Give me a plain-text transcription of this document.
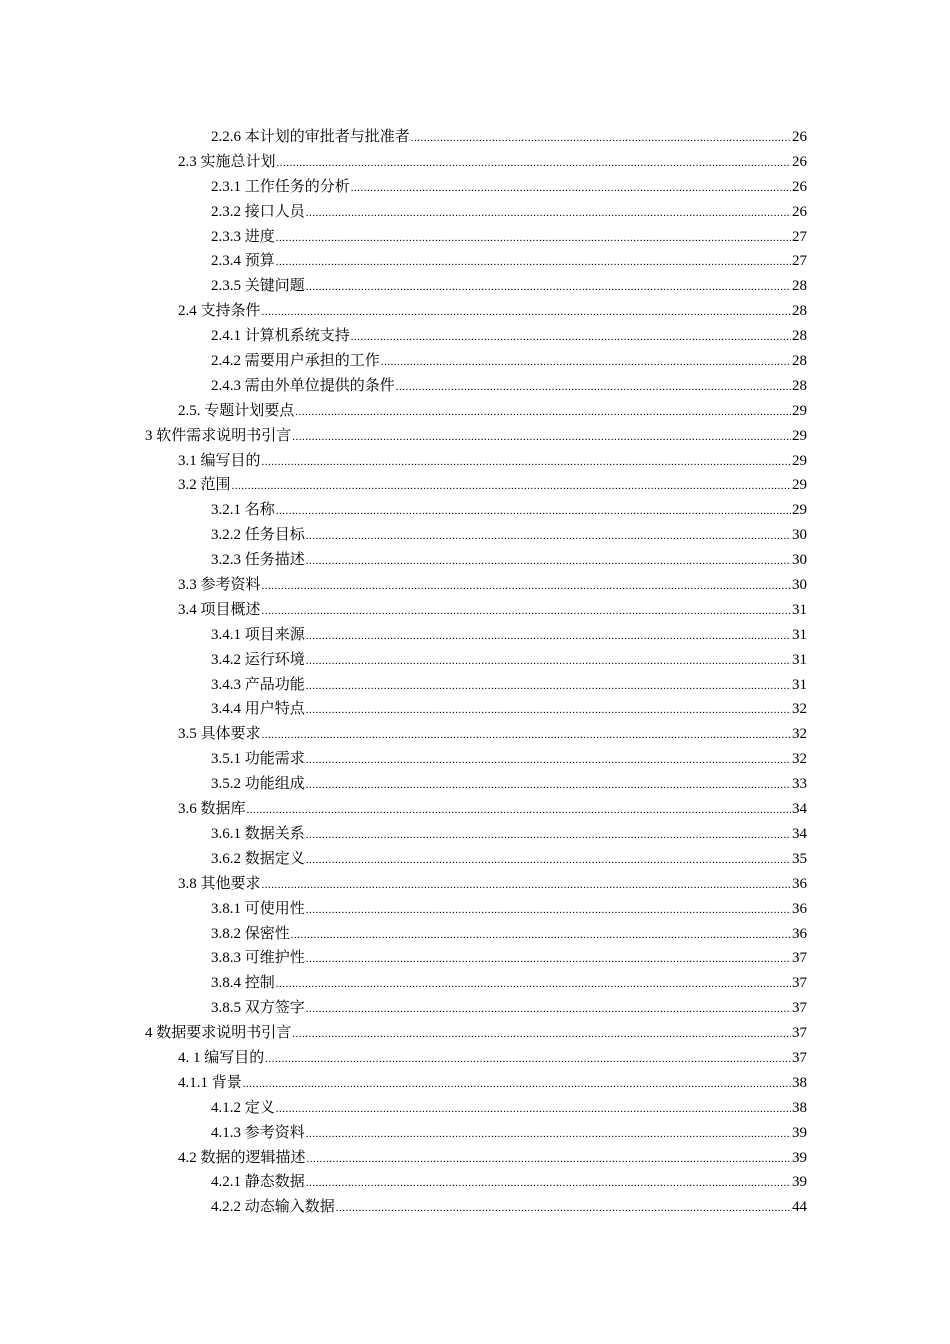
2.2.6 本计划的审批者与批准者 .....	26
2.3 实施总计划 .....	26
2.3.1 工作任务的分析 .....	26
2.3.2 接口人员 .....	26
2.3.3 进度 .....	27
2.3.4 预算 .....	27
2.3.5 关键问题 .....	28
2.4 支持条件 .....	28
2.4.1 计算机系统支持 .....	28
2.4.2 需要用户承担的工作 .....	28
2.4.3 需由外单位提供的条件 .....	28
2.5. 专题计划要点 .....	29
3 软件需求说明书引言 .....	29
3.1 编写目的 .....	29
3.2 范围 .....	29
3.2.1 名称 .....	29
3.2.2 任务目标 .....	30
3.2.3 任务描述 .....	30
3.3 参考资料 .....	30
3.4 项目概述 .....	31
3.4.1 项目来源 .....	31
3.4.2 运行环境 .....	31
3.4.3 产品功能 .....	31
3.4.4 用户特点 .....	32
3.5 具体要求 .....	32
3.5.1 功能需求 .....	32
3.5.2 功能组成 .....	33
3.6 数据库 .....	34
3.6.1 数据关系 .....	34
3.6.2 数据定义 .....	35
3.8 其他要求 .....	36
3.8.1 可使用性 .....	36
3.8.2 保密性 .....	36
3.8.3 可维护性 .....	37
3.8.4 控制 .....	37
3.8.5 双方签字 .....	37
4 数据要求说明书引言 .....	37
4. 1 编写目的 .....	37
4.1.1 背景 .....	38
4.1.2 定义 .....	38
4.1.3 参考资料 .....	39
4.2 数据的逻辑描述 .....	39
4.2.1 静态数据 .....	39
4.2.2 动态输入数据 .....	44
